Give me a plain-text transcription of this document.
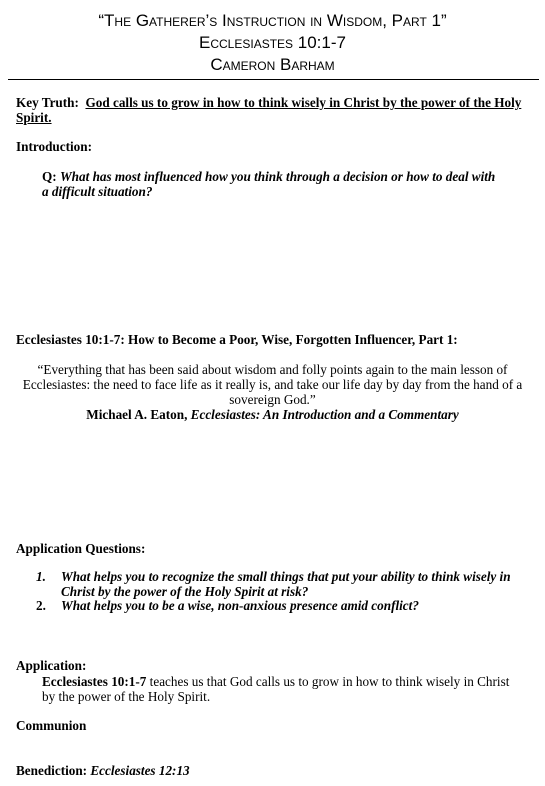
“The Gatherer’s Instruction in Wisdom, Part 1”
Ecclesiastes 10:1-7
Cameron Barham
Key Truth: God calls us to grow in how to think wisely in Christ by the power of the Holy Spirit.
Introduction:
Q: What has most influenced how you think through a decision or how to deal with a difficult situation?
Ecclesiastes 10:1-7: How to Become a Poor, Wise, Forgotten Influencer, Part 1:
“Everything that has been said about wisdom and folly points again to the main lesson of Ecclesiastes: the need to face life as it really is, and take our life day by day from the hand of a sovereign God.”
Michael A. Eaton, Ecclesiastes: An Introduction and a Commentary
Application Questions:
1.	What helps you to recognize the small things that put your ability to think wisely in Christ by the power of the Holy Spirit at risk?
2.	What helps you to be a wise, non-anxious presence amid conflict?
Application:
Ecclesiastes 10:1-7 teaches us that God calls us to grow in how to think wisely in Christ by the power of the Holy Spirit.
Communion
Benediction: Ecclesiastes 12:13
